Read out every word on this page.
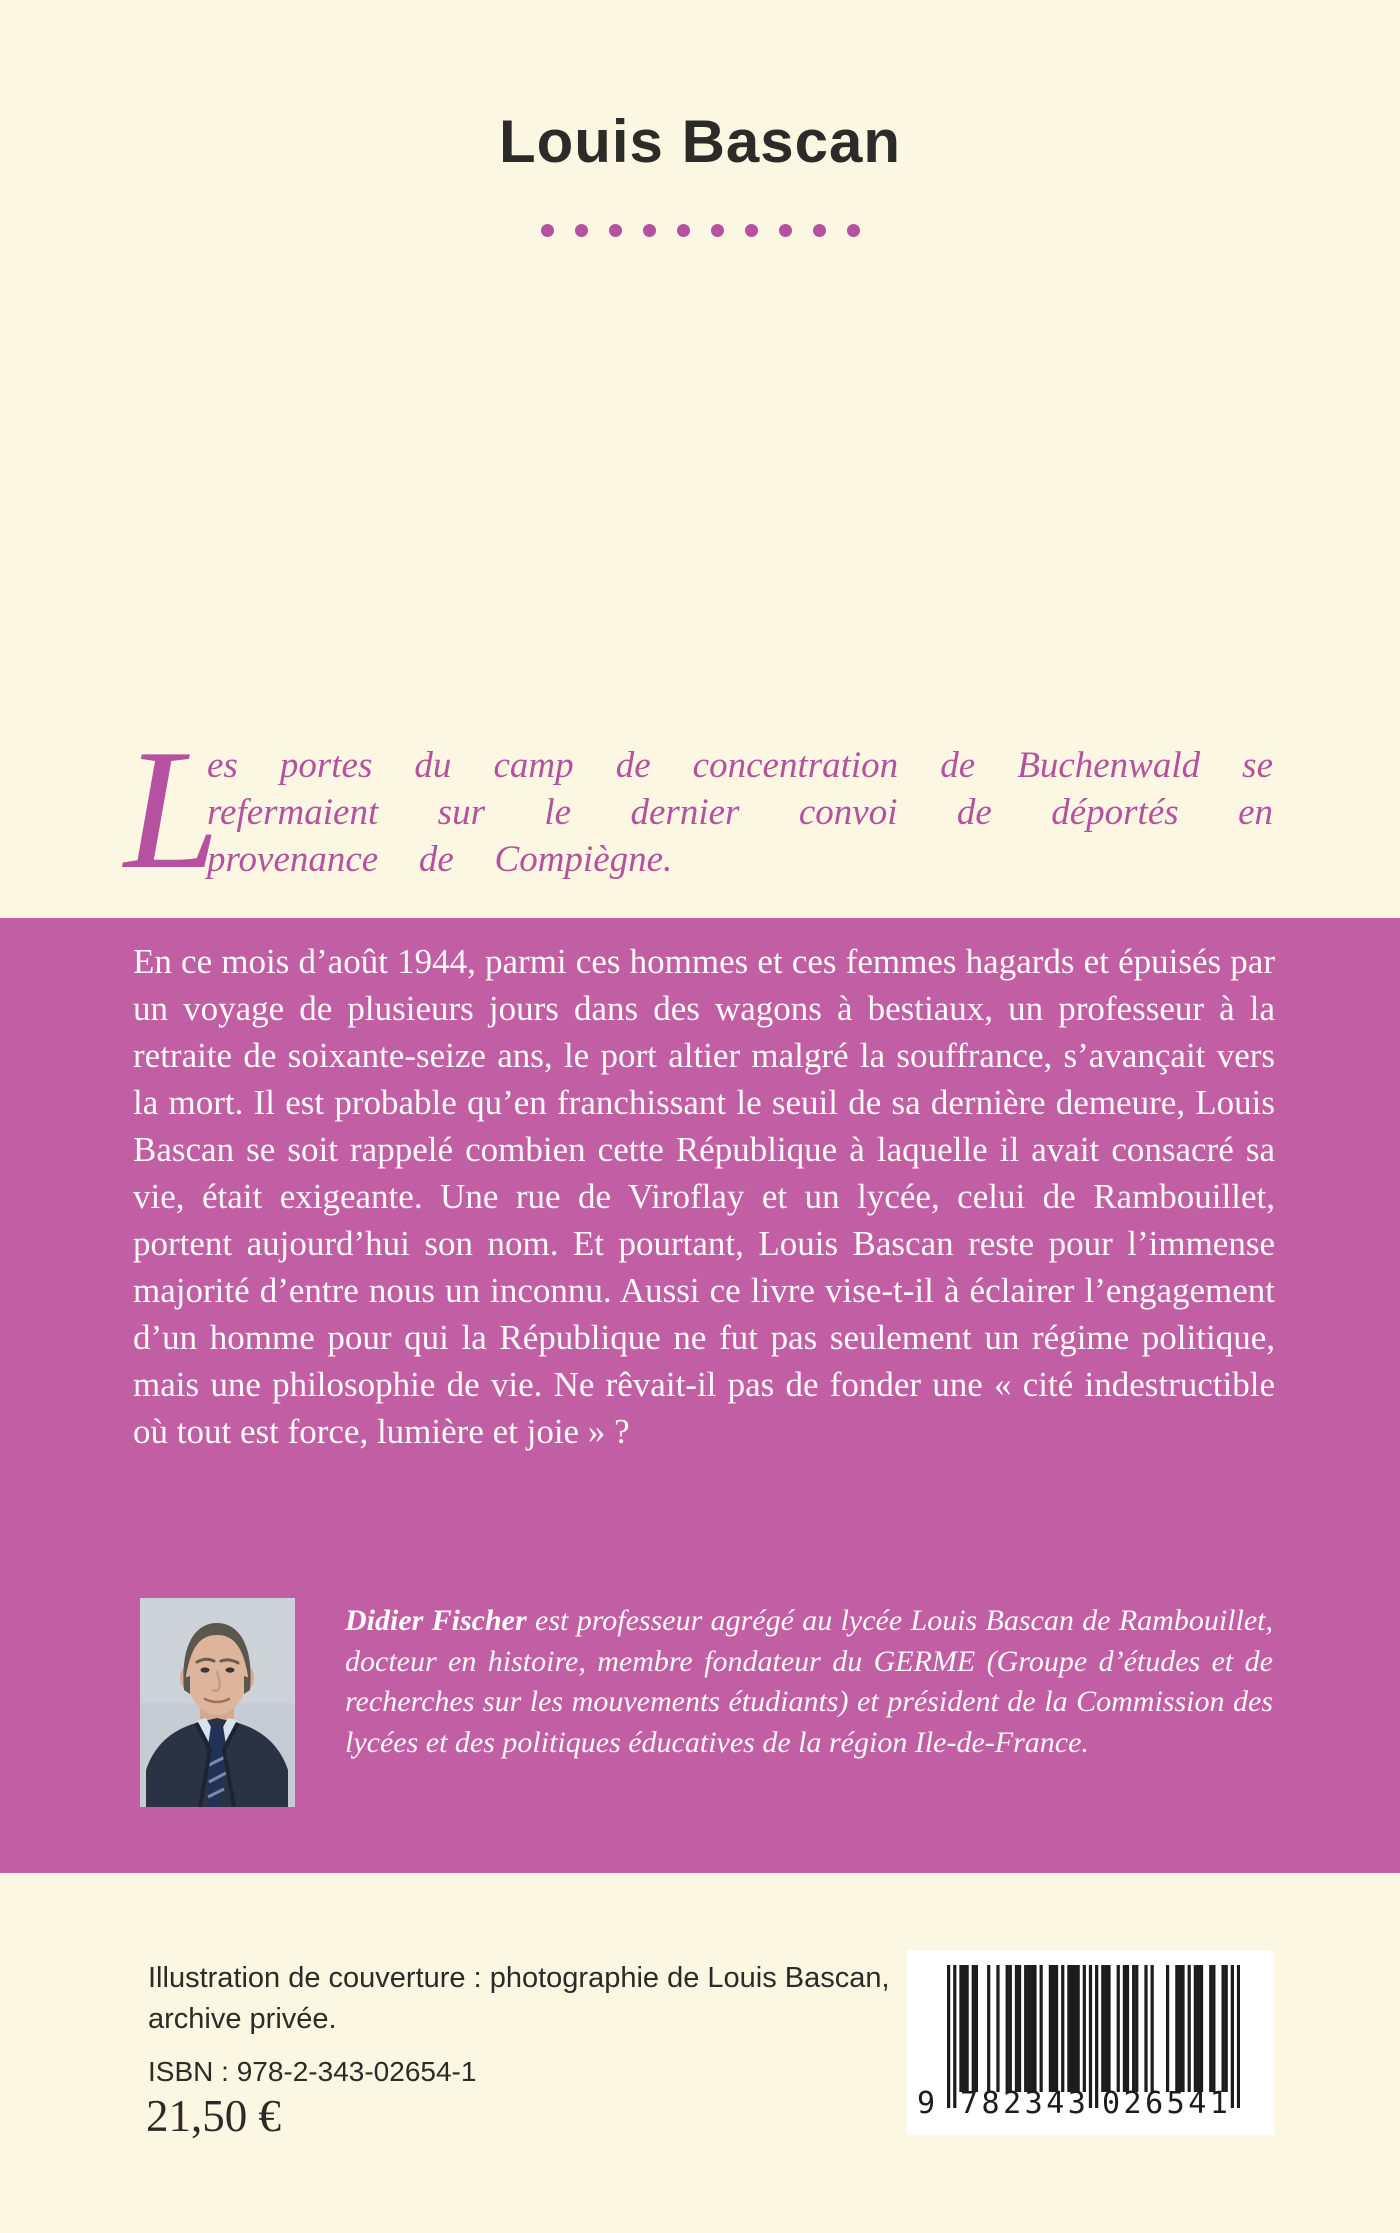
Louis Bascan
L

es portes du camp de concentration de Buchenwald se refermaient sur le dernier convoi de déportés en provenance de Compiègne.

En ce mois d’août 1944, parmi ces hommes et ces femmes hagards et épuisés par un voyage de plusieurs jours dans des wagons à bestiaux, un professeur à la retraite de soixante-seize ans, le port altier malgré la souffrance, s’avançait vers la mort. Il est probable qu’en franchissant le seuil de sa dernière demeure, Louis Bascan se soit rappelé combien cette République à laquelle il avait consacré sa vie, était exigeante. Une rue de Viroflay et un lycée, celui de Rambouillet, portent aujourd’hui son nom. Et pourtant, Louis Bascan reste pour l’immense majorité d’entre nous un inconnu. Aussi ce livre vise-t-il à éclairer l’engagement d’un homme pour qui la République ne fut pas seulement un régime politique, mais une philosophie de vie. Ne rêvait-il pas de fonder une « cité indestructible où tout est force, lumière et joie » ?

Didier Fischer est professeur agrégé au lycée Louis Bascan de Rambouillet, docteur en histoire, membre fondateur du GERME (Groupe d’études et de recherches sur les mouvements étudiants) et président de la Commission des lycées et des politiques éducatives de la région Ile-de-France.

Illustration de couverture : photographie de Louis Bascan,
archive privée.
ISBN : 978-2-343-02654-1
21,50 €	9 782343 026541
